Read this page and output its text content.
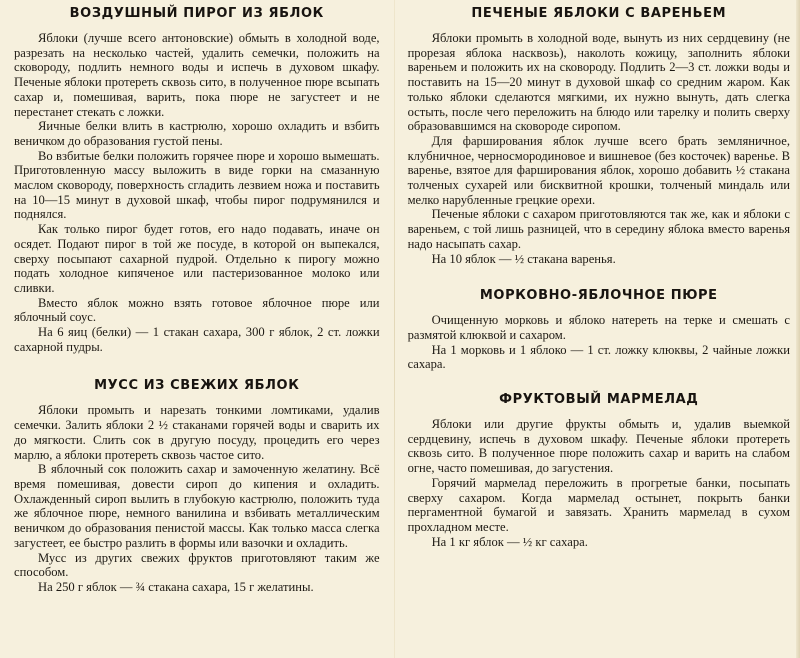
ВОЗДУШНЫЙ ПИРОГ ИЗ ЯБЛОК

Яблоки (лучше всего антоновские) обмыть в холодной воде, разрезать на несколько частей, удалить семечки, положить на сковороду, подлить немного воды и испечь в духовом шкафу. Печеные яблоки протереть сквозь сито, в полученное пюре всыпать сахар и, помешивая, варить, пока пюре не загустеет и не перестанет стекать с ложки.

Яичные белки влить в кастрюлю, хорошо охладить и взбить веничком до образования густой пены.

Во взбитые белки положить горячее пюре и хорошо вымешать. Приготовленную массу выложить в виде горки на смазанную маслом сковороду, поверхность сгладить лезвием ножа и поставить на 10—15 минут в духовой шкаф, чтобы пирог подрумянился и поднялся.

Как только пирог будет готов, его надо подавать, иначе он осядет. Подают пирог в той же посуде, в которой он выпекался, сверху посыпают сахарной пудрой. Отдельно к пирогу можно подать холодное кипяченое или пастеризованное молоко или сливки.

Вместо яблок можно взять готовое яблочное пюре или яблочный соус.

На 6 яиц (белки) — 1 стакан сахара, 300 г яблок, 2 ст. ложки сахарной пудры.

МУСС ИЗ СВЕЖИХ ЯБЛОК

Яблоки промыть и нарезать тонкими ломтиками, удалив семечки. Залить яблоки 2 ½ стаканами горячей воды и сварить их до мягкости. Слить сок в другую посуду, процедить его через марлю, а яблоки протереть сквозь частое сито.

В яблочный сок положить сахар и замоченную желатину. Всё время помешивая, довести сироп до кипения и охладить. Охлажденный сироп вылить в глубокую кастрюлю, положить туда же яблочное пюре, немного ванилина и взбивать металлическим веничком до образования пенистой массы. Как только масса слегка загустеет, ее быстро разлить в формы или вазочки и охладить.

Мусс из других свежих фруктов приготовляют таким же способом.

На 250 г яблок — ¾ стакана сахара, 15 г желатины.

ПЕЧЕНЫЕ ЯБЛОКИ С ВАРЕНЬЕМ

Яблоки промыть в холодной воде, вынуть из них сердцевину (не прорезая яблока насквозь), наколоть кожицу, заполнить яблоки вареньем и положить их на сковороду. Подлить 2—3 ст. ложки воды и поставить на 15—20 минут в духовой шкаф со средним жаром. Как только яблоки сделаются мягкими, их нужно вынуть, дать слегка остыть, после чего переложить на блюдо или тарелку и полить сверху образовавшимся на сковороде сиропом.

Для фарширования яблок лучше всего брать земляничное, клубничное, черносмородиновое и вишневое (без косточек) варенье. В варенье, взятое для фарширования яблок, хорошо добавить ½ стакана толченых сухарей или бисквитной крошки, толченый миндаль или мелко нарубленные грецкие орехи.

Печеные яблоки с сахаром приготовляются так же, как и яблоки с вареньем, с той лишь разницей, что в середину яблока вместо варенья надо насыпать сахар.

На 10 яблок — ½ стакана варенья.

МОРКОВНО-ЯБЛОЧНОЕ ПЮРЕ

Очищенную морковь и яблоко натереть на терке и смешать с размятой клюквой и сахаром.

На 1 морковь и 1 яблоко — 1 ст. ложку клюквы, 2 чайные ложки сахара.

ФРУКТОВЫЙ МАРМЕЛАД

Яблоки или другие фрукты обмыть и, удалив выемкой сердцевину, испечь в духовом шкафу. Печеные яблоки протереть сквозь сито. В полученное пюре положить сахар и варить на слабом огне, часто помешивая, до загустения.

Горячий мармелад переложить в прогретые банки, посыпать сверху сахаром. Когда мармелад остынет, покрыть банки пергаментной бумагой и завязать. Хранить мармелад в сухом прохладном месте.

На 1 кг яблок — ½ кг сахара.
